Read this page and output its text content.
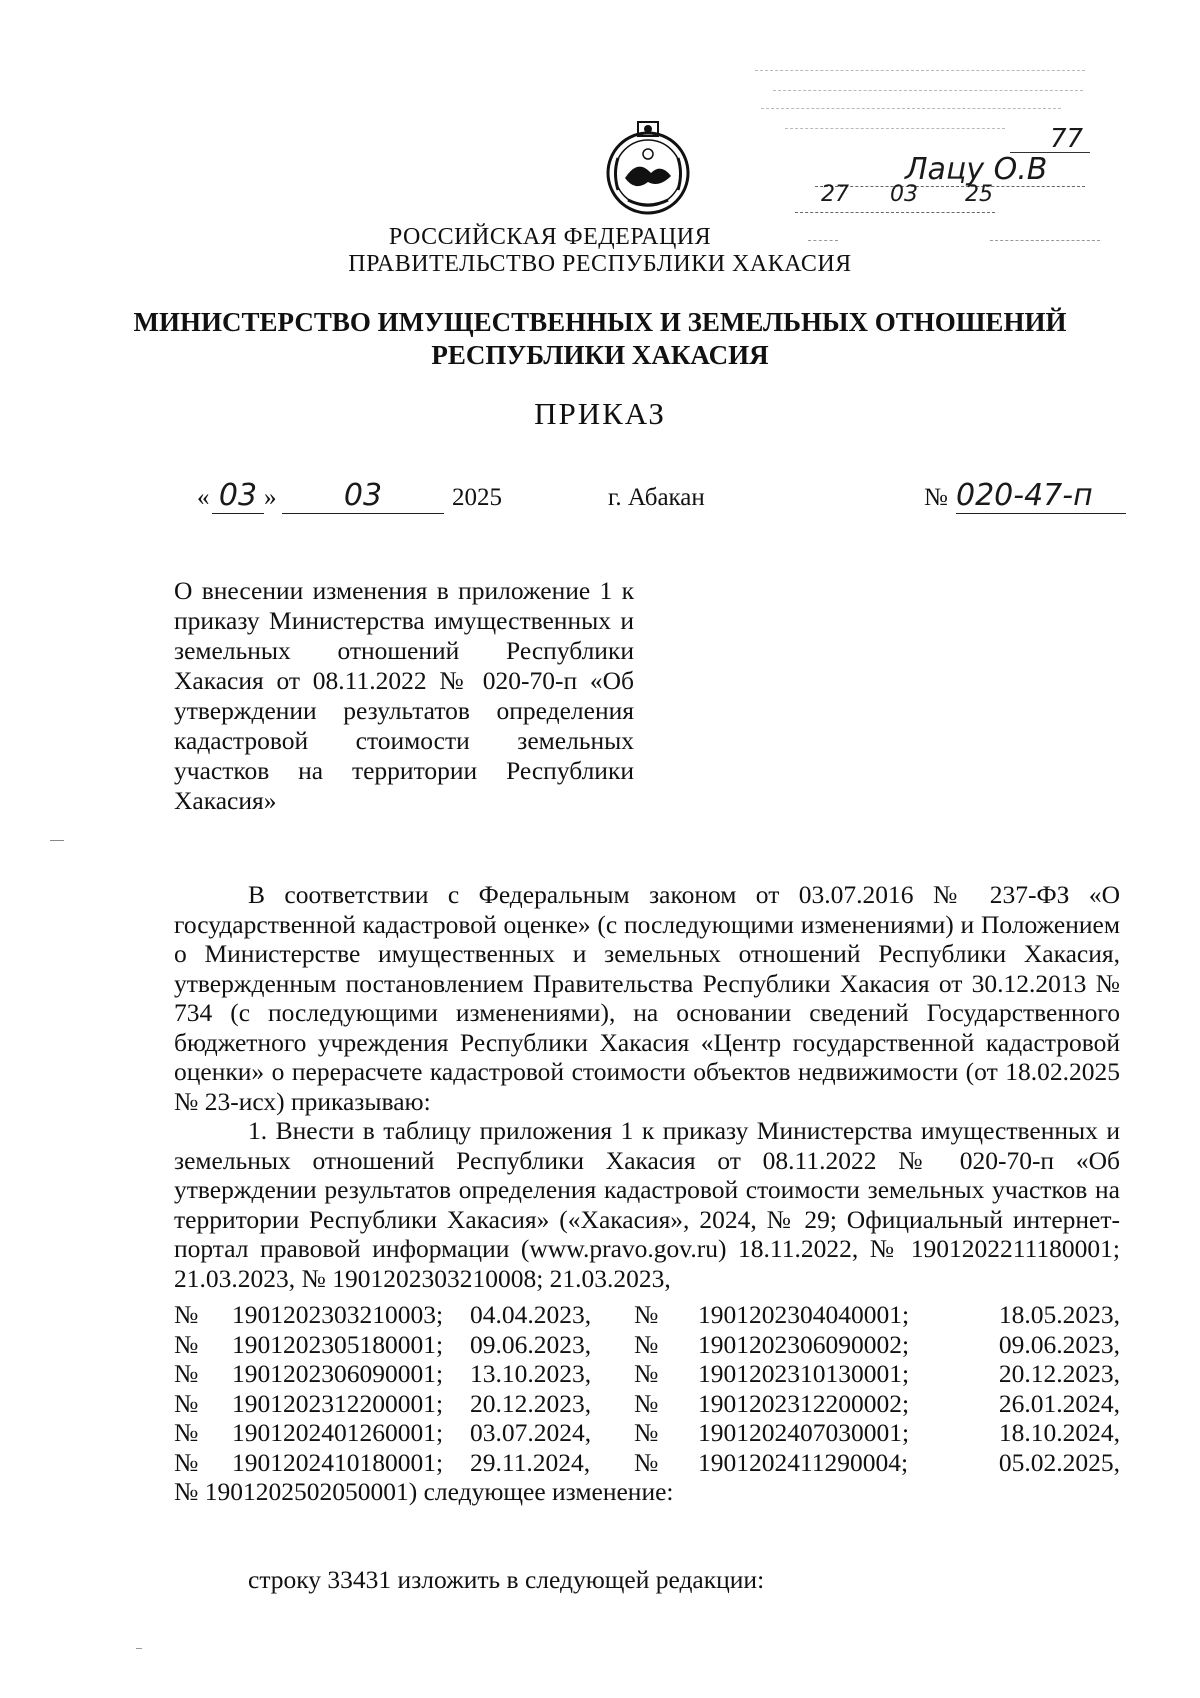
77
Лацу О.В
27 03 25
РОССИЙСКАЯ ФЕДЕРАЦИЯ
ПРАВИТЕЛЬСТВО РЕСПУБЛИКИ ХАКАСИЯ
МИНИСТЕРСТВО ИМУЩЕСТВЕННЫХ И ЗЕМЕЛЬНЫХ ОТНОШЕНИЙ
РЕСПУБЛИКИ ХАКАСИЯ
ПРИКАЗ
« 03 »	03	2025	г. Абакан	№ 020-47-п
О внесении изменения в приложение 1 к приказу Министерства имущественных и земельных отношений Республики Хакасия от 08.11.2022 № 020-70-п «Об утверждении результатов определения кадастровой стоимости земельных участков на территории Республики Хакасия»

В соответствии с Федеральным законом от 03.07.2016 № 237-ФЗ «О государственной кадастровой оценке» (с последующими изменениями) и Положением о Министерстве имущественных и земельных отношений Республики Хакасия, утвержденным постановлением Правительства Республики Хакасия от 30.12.2013 № 734 (с последующими изменениями), на основании сведений Государственного бюджетного учреждения Республики Хакасия «Центр государственной кадастровой оценки» о перерасчете кадастровой стоимости объектов недвижимости (от 18.02.2025 № 23-исх) приказываю:

1. Внести в таблицу приложения 1 к приказу Министерства имущественных и земельных отношений Республики Хакасия от 08.11.2022 № 020-70-п «Об утверждении результатов определения кадастровой стоимости земельных участков на территории Республики Хакасия» («Хакасия», 2024, № 29; Официальный интернет-портал правовой информации (www.pravo.gov.ru) 18.11.2022, № 1901202211180001; 21.03.2023, № 1901202303210008; 21.03.2023,

№	1901202303210003;	04.04.2023,	№	1901202304040001;	18.05.2023,
№	1901202305180001;	09.06.2023,	№	1901202306090002;	09.06.2023,
№	1901202306090001;	13.10.2023,	№	1901202310130001;	20.12.2023,
№	1901202312200001;	20.12.2023,	№	1901202312200002;	26.01.2024,
№	1901202401260001;	03.07.2024,	№	1901202407030001;	18.10.2024,
№	1901202410180001;	29.11.2024,	№	1901202411290004;	05.02.2025,
№ 1901202502050001) следующее изменение:
строку 33431 изложить в следующей редакции:
